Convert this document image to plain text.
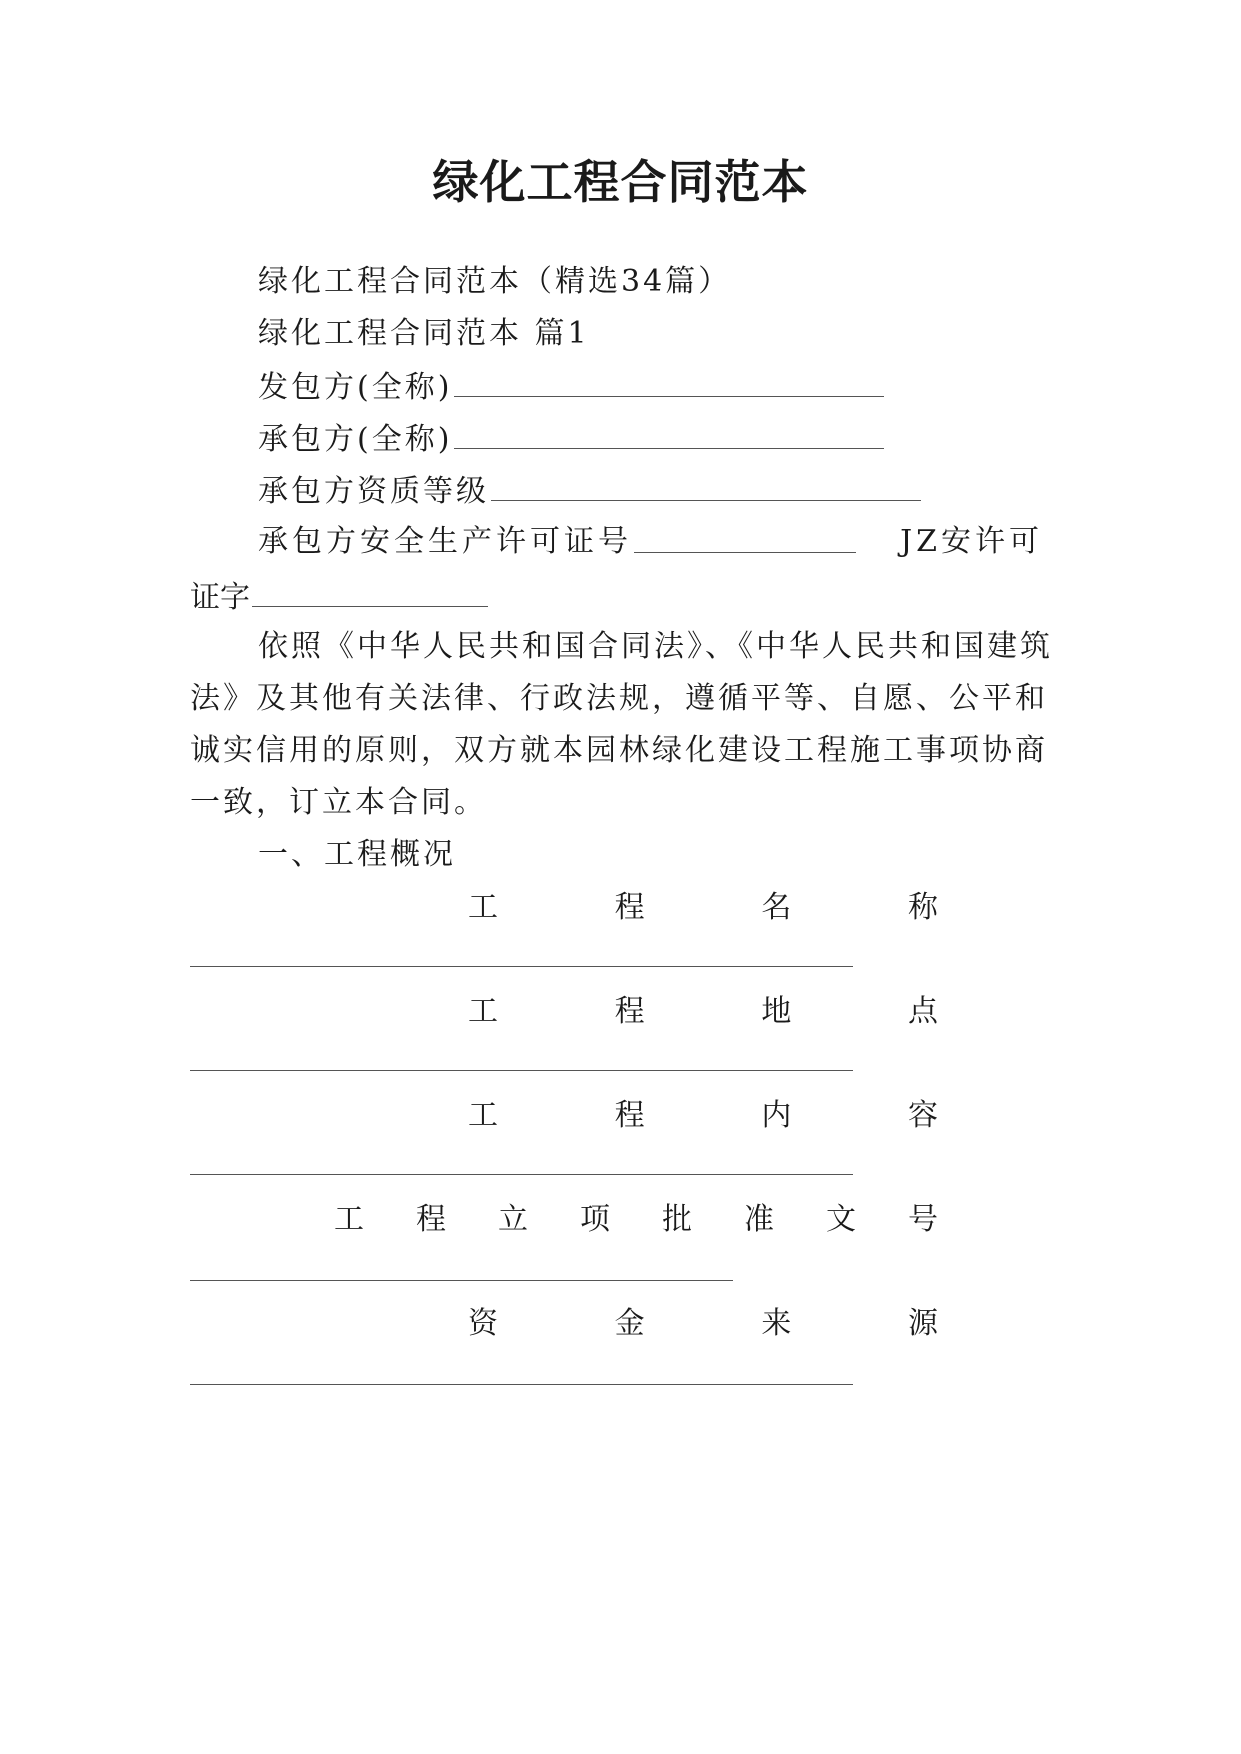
绿化工程合同范本
绿化工程合同范本（精选34篇）
绿化工程合同范本 篇1
发包方(全称)
承包方(全称)
承包方资质等级
承包方安全生产许可证号	JZ安许可
证字
依照《中华人民共和国合同法》、《中华人民共和国建筑
法》及其他有关法律、行政法规，遵循平等、自愿、公平和
诚实信用的原则，双方就本园林绿化建设工程施工事项协商
一致，订立本合同。
一、工程概况
工	程	名	称
工	程	地	点
工	程	内	容
工 程 立 项 批 准 文 号
资	金	来	源
